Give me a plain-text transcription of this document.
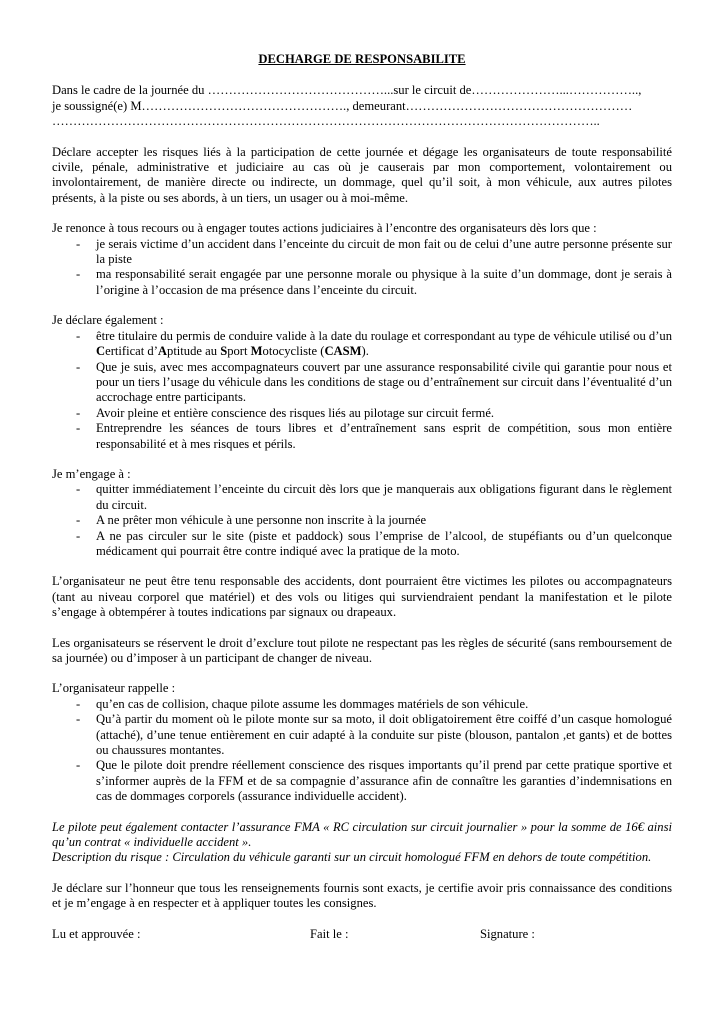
DECHARGE DE RESPONSABILITE

Dans le cadre de la journée du ……………………………………...sur le circuit de…………………...……………..,

je soussigné(e) M…………………………………………., demeurant………………………………………………

…………………………………………………………………………………………………………………..

Déclare accepter les risques liés à la participation de cette journée et dégage les organisateurs de toute responsabilité civile, pénale, administrative et judiciaire au cas où je causerais par mon comportement, volontairement ou involontairement, de manière directe ou indirecte, un dommage, quel qu’il soit, à mon véhicule, aux autres pilotes présents, à la piste ou ses abords, à un tiers, un usager ou à moi-même.

Je renonce à tous recours ou à engager toutes actions judiciaires à l’encontre des organisateurs dès lors que :

- je serais victime d’un accident dans l’enceinte du circuit de mon fait ou de celui d’une autre personne présente sur la piste
- ma responsabilité serait engagée par une personne morale ou physique à la suite d’un dommage, dont je serais à l’origine à l’occasion de ma présence dans l’enceinte du circuit.

Je déclare également :

- être titulaire du permis de conduire valide à la date du roulage et correspondant au type de véhicule utilisé ou d’un Certificat d’Aptitude au Sport Motocycliste (CASM).
- Que je suis, avec mes accompagnateurs couvert par une assurance responsabilité civile qui garantie pour nous et pour un tiers l’usage du véhicule dans les conditions de stage ou d’entraînement sur circuit dans l’éventualité d’un accrochage entre participants.
- Avoir pleine et entière conscience des risques liés au pilotage sur circuit fermé.
- Entreprendre les séances de tours libres et d’entraînement sans esprit de compétition, sous mon entière responsabilité et à mes risques et périls.

Je m’engage à :

- quitter immédiatement l’enceinte du circuit dès lors que je manquerais aux obligations figurant dans le règlement du circuit.
- A ne prêter mon véhicule à une personne non inscrite à la journée
- A ne pas circuler sur le site (piste et paddock) sous l’emprise de l’alcool, de stupéfiants ou d’un quelconque médicament qui pourrait être contre indiqué avec la pratique de la moto.

L’organisateur ne peut être tenu responsable des accidents, dont pourraient être victimes les pilotes ou accompagnateurs (tant au niveau corporel que matériel) et des vols ou litiges qui surviendraient pendant la manifestation et le pilote s’engage à obtempérer à toutes indications par signaux ou drapeaux.

Les organisateurs se réservent le droit d’exclure tout pilote ne respectant pas les règles de sécurité (sans remboursement de sa journée) ou d’imposer à un participant de changer de niveau.

L’organisateur rappelle :

- qu’en cas de collision, chaque pilote assume les dommages matériels de son véhicule.
- Qu’à partir du moment où le pilote monte sur sa moto, il doit obligatoirement être coiffé d’un casque homologué (attaché), d’une tenue entièrement en cuir adapté à la conduite sur piste (blouson, pantalon ,et gants) et de bottes ou chaussures montantes.
- Que le pilote doit prendre réellement conscience des risques importants qu’il prend par cette pratique sportive et s’informer auprès de la FFM et de sa compagnie d’assurance afin de connaître les garanties d’indemnisations en cas de dommages corporels (assurance individuelle accident).

Le pilote peut également contacter l’assurance FMA « RC circulation sur circuit journalier » pour la somme de 16€ ainsi qu’un contrat « individuelle accident ».

Description du risque : Circulation du véhicule garanti sur un circuit homologué FFM en dehors de toute compétition.

Je déclare sur l’honneur que tous les renseignements fournis sont exacts, je certifie avoir pris connaissance des conditions et je m’engage à en respecter et à appliquer toutes les consignes.

Lu et approuvée :	Fait le :	Signature :
